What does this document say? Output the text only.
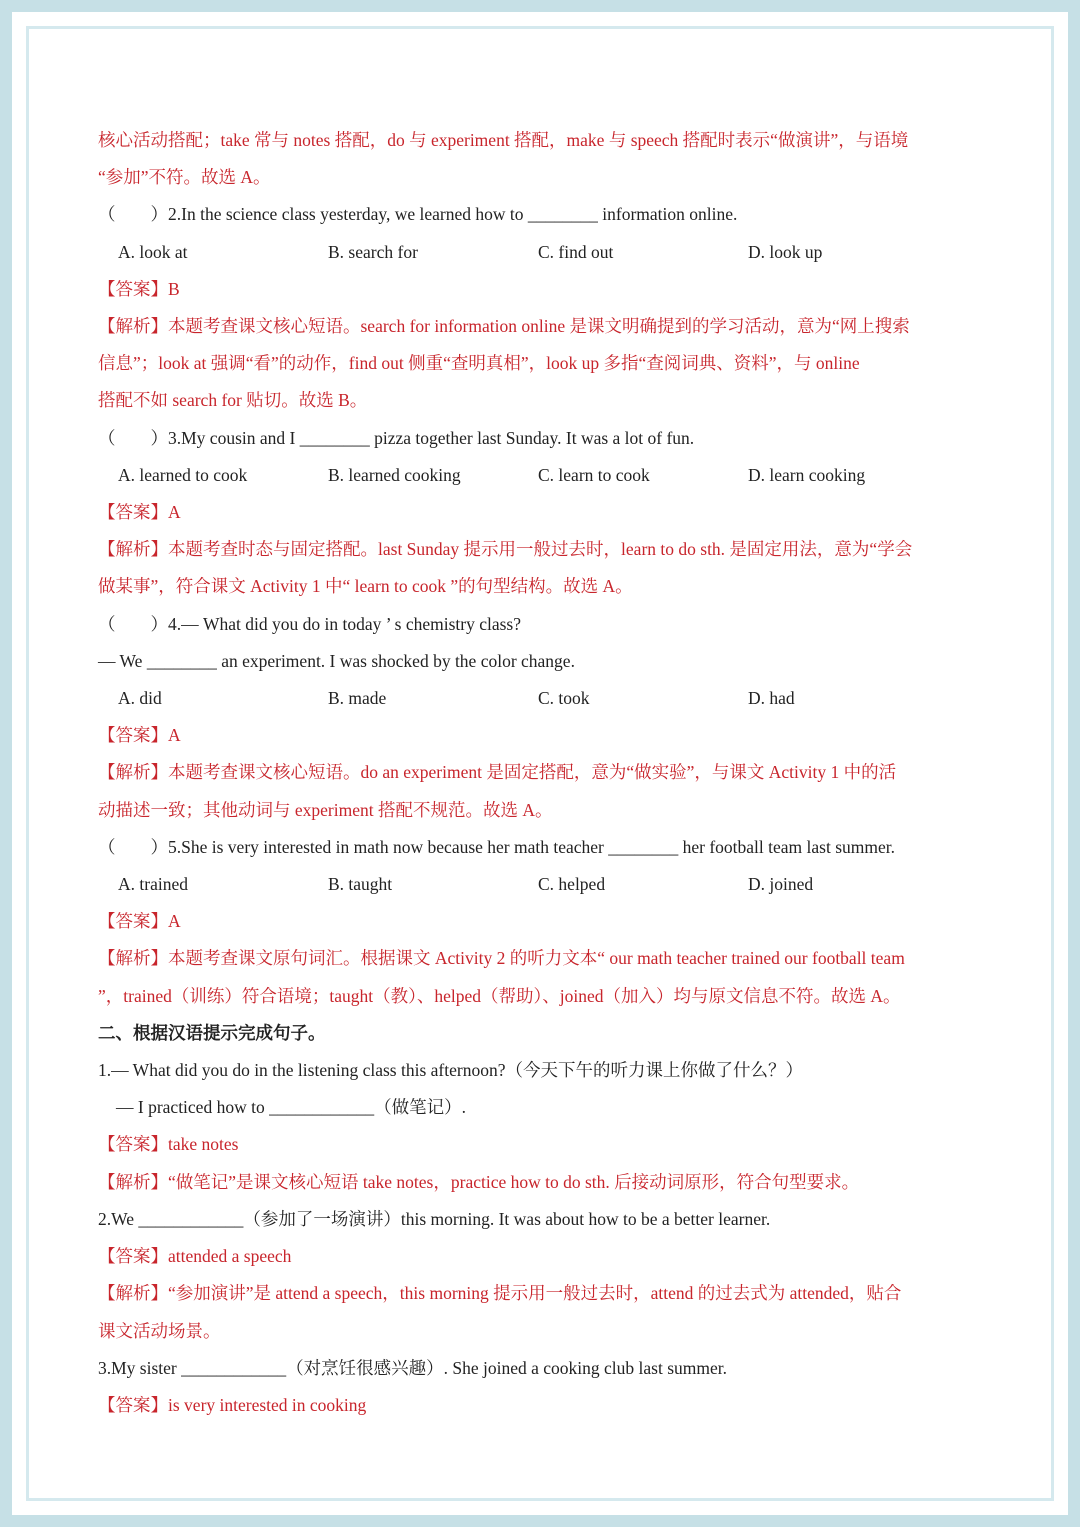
核心活动搭配；take 常与 notes 搭配，do 与 experiment 搭配，make 与 speech 搭配时表示“做演讲”，与语境
“参加”不符。故选 A。
（　　）2.In the science class yesterday, we learned how to ________ information online.
A. look at	B. search for	C. find out	D. look up
【答案】B
【解析】本题考查课文核心短语。search for information online 是课文明确提到的学习活动，意为“网上搜索
信息”；look at 强调“看”的动作，find out 侧重“查明真相”，look up 多指“查阅词典、资料”，与 online
搭配不如 search for 贴切。故选 B。
（　　）3.My cousin and I ________ pizza together last Sunday. It was a lot of fun.
A. learned to cook	B. learned cooking	C. learn to cook	D. learn cooking
【答案】A
【解析】本题考查时态与固定搭配。last Sunday 提示用一般过去时，learn to do sth. 是固定用法，意为“学会
做某事”，符合课文 Activity 1 中“ learn to cook ”的句型结构。故选 A。
（　　）4.— What did you do in today ’ s chemistry class?
— We ________ an experiment. I was shocked by the color change.
A. did	B. made	C. took	D. had
【答案】A
【解析】本题考查课文核心短语。do an experiment 是固定搭配，意为“做实验”，与课文 Activity 1 中的活
动描述一致；其他动词与 experiment 搭配不规范。故选 A。
（　　）5.She is very interested in math now because her math teacher ________ her football team last summer.
A. trained	B. taught	C. helped	D. joined
【答案】A
【解析】本题考查课文原句词汇。根据课文 Activity 2 的听力文本“ our math teacher trained our football team
”，trained（训练）符合语境；taught（教）、helped（帮助）、joined（加入）均与原文信息不符。故选 A。
二、根据汉语提示完成句子。
1.— What did you do in the listening class this afternoon?（今天下午的听力课上你做了什么？）
— I practiced how to ____________（做笔记）.
【答案】take notes
【解析】“做笔记”是课文核心短语 take notes，practice how to do sth. 后接动词原形，符合句型要求。
2.We ____________（参加了一场演讲）this morning. It was about how to be a better learner.
【答案】attended a speech
【解析】“参加演讲”是 attend a speech，this morning 提示用一般过去时，attend 的过去式为 attended，贴合
课文活动场景。
3.My sister ____________（对烹饪很感兴趣）. She joined a cooking club last summer.
【答案】is very interested in cooking
